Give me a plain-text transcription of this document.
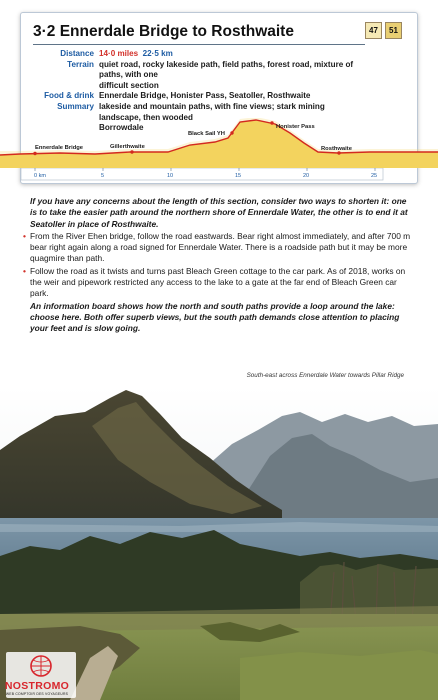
3·2 Ennerdale Bridge to Rosthwaite	47	51
Distance 14·0 miles 22·5 km
Terrain quiet road, rocky lakeside path, field paths, forest road, mixture of paths, with one
difficult section
Food & drink Ennerdale Bridge, Honister Pass, Seatoller, Rosthwaite
Summary lakeside and mountain paths, with fine views; stark mining landscape, then wooded
Borrowdale
0 km	5	10	15	20	25
Ennerdale Bridge	Gillerthwaite
Black Sail YH
Honister Pass
Rosthwaite

If you have any concerns about the length of this section, consider two ways to shorten it: one is to take the easier path around the northern shore of Ennerdale Water, the other is to end it at Seatoller in place of Rosthwaite.

• From the River Ehen bridge, follow the road eastwards. Bear right almost immediately, and after 700 m bear right again along a road signed for Ennerdale Water. There is a roadside path but it may be more quagmire than path.

• Follow the road as it twists and turns past Bleach Green cottage to the car park. As of 2018, works on the weir and pipework restricted any access to the lake to a gate at the far end of Bleach Green car park.

An information board shows how the north and south paths provide a loop around the lake: choose here. Both offer superb views, but the south path demands close attention to placing your feet and is slow going.

South-east across Ennerdale Water towards Pillar Ridge
NOSTROMO
WEB COMPTOIR DES VOYAGEURS
